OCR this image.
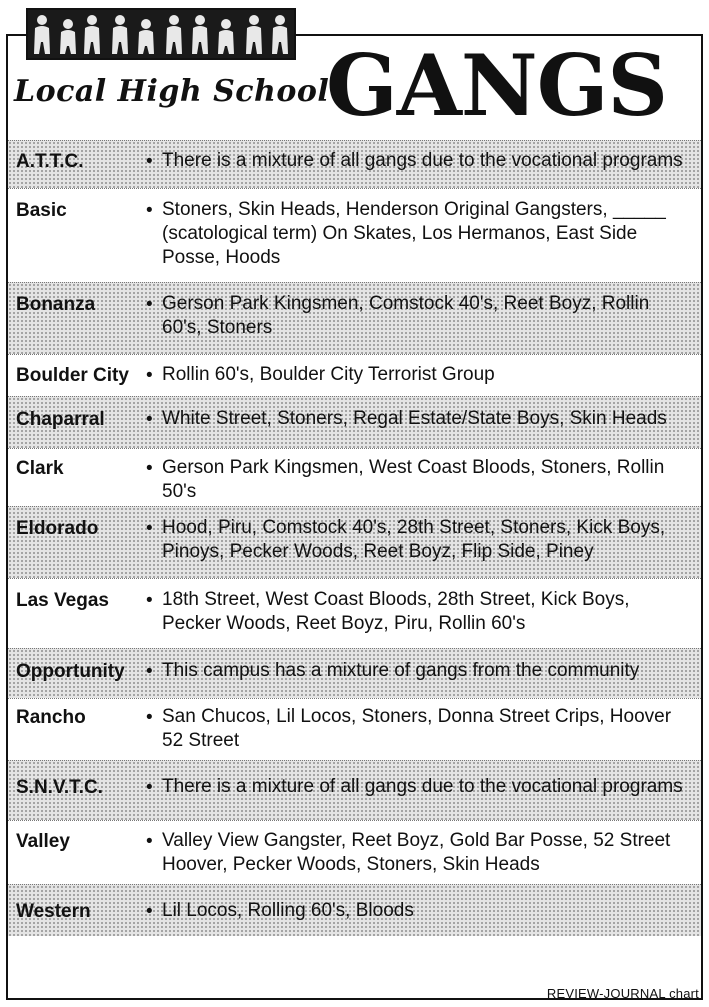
Local High School
GANGS
A.T.T.C.	• There is a mixture of all gangs due to the vocational programs
Basic	• Stoners, Skin Heads, Henderson Original Gangsters, _____ (scatological term) On Skates, Los Hermanos, East Side Posse, Hoods
Bonanza	• Gerson Park Kingsmen, Comstock 40's, Reet Boyz, Rollin 60's, Stoners
Boulder City • Rollin 60's, Boulder City Terrorist Group
Chaparral • White Street, Stoners, Regal Estate/State Boys, Skin Heads
Clark	• Gerson Park Kingsmen, West Coast Bloods, Stoners, Rollin 50's
Eldorado	• Hood, Piru, Comstock 40's, 28th Street, Stoners, Kick Boys, Pinoys, Pecker Woods, Reet Boyz, Flip Side, Piney
Las Vegas • 18th Street, West Coast Bloods, 28th Street, Kick Boys, Pecker Woods, Reet Boyz, Piru, Rollin 60's
Opportunity • This campus has a mixture of gangs from the community
Rancho	• San Chucos, Lil Locos, Stoners, Donna Street Crips, Hoover 52 Street
S.N.V.T.C. • There is a mixture of all gangs due to the vocational programs
Valley	• Valley View Gangster, Reet Boyz, Gold Bar Posse, 52 Street Hoover, Pecker Woods, Stoners, Skin Heads
Western	• Lil Locos, Rolling 60's, Bloods
REVIEW-JOURNAL chart
